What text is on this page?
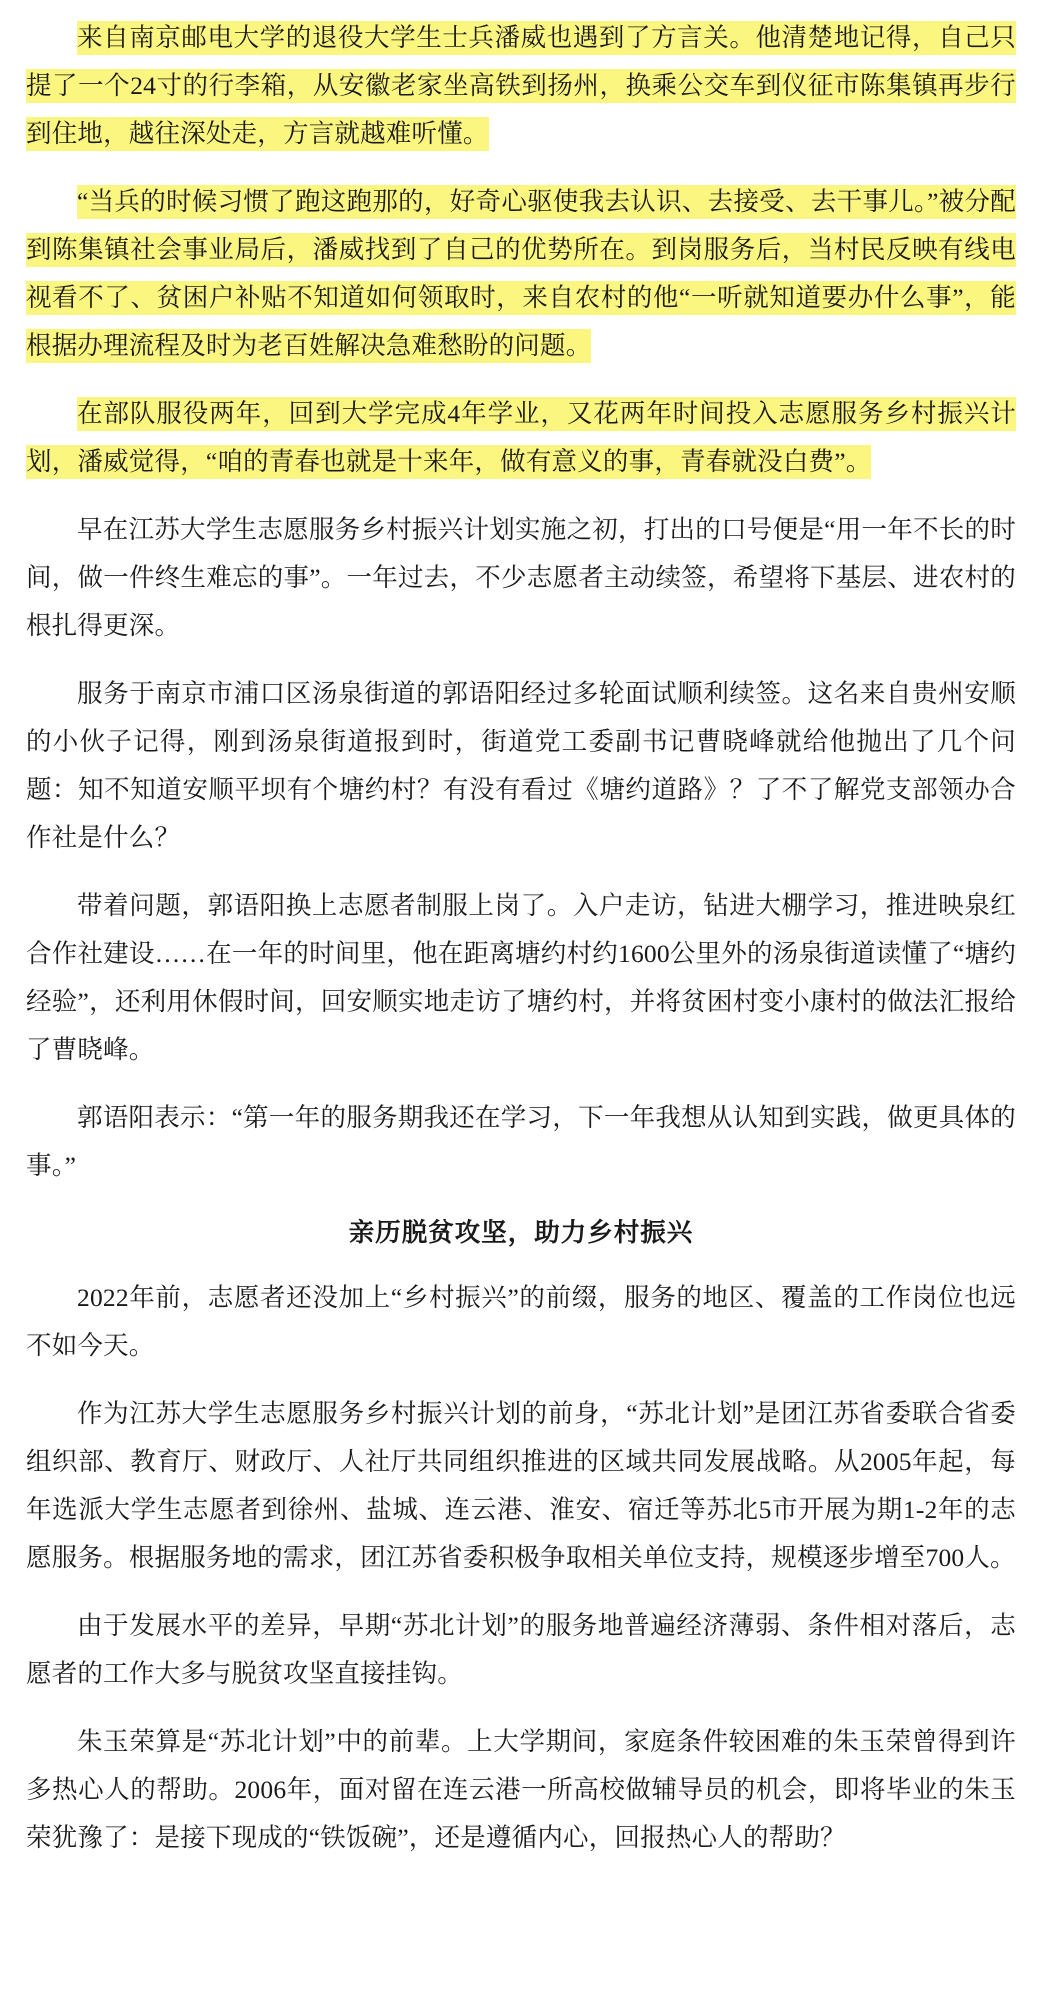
来自南京邮电大学的退役大学生士兵潘威也遇到了方言关。他清楚地记得，自己只提了一个24寸的行李箱，从安徽老家坐高铁到扬州，换乘公交车到仪征市陈集镇再步行到住地，越往深处走，方言就越难听懂。

“当兵的时候习惯了跑这跑那的，好奇心驱使我去认识、去接受、去干事儿。”被分配到陈集镇社会事业局后，潘威找到了自己的优势所在。到岗服务后，当村民反映有线电视看不了、贫困户补贴不知道如何领取时，来自农村的他“一听就知道要办什么事”，能根据办理流程及时为老百姓解决急难愁盼的问题。

在部队服役两年，回到大学完成4年学业，又花两年时间投入志愿服务乡村振兴计划，潘威觉得，“咱的青春也就是十来年，做有意义的事，青春就没白费”。

早在江苏大学生志愿服务乡村振兴计划实施之初，打出的口号便是“用一年不长的时间，做一件终生难忘的事”。一年过去，不少志愿者主动续签，希望将下基层、进农村的根扎得更深。

服务于南京市浦口区汤泉街道的郭语阳经过多轮面试顺利续签。这名来自贵州安顺的小伙子记得，刚到汤泉街道报到时，街道党工委副书记曹晓峰就给他抛出了几个问题：知不知道安顺平坝有个塘约村？有没有看过《塘约道路》？了不了解党支部领办合作社是什么？

带着问题，郭语阳换上志愿者制服上岗了。入户走访，钻进大棚学习，推进映泉红合作社建设……在一年的时间里，他在距离塘约村约1600公里外的汤泉街道读懂了“塘约经验”，还利用休假时间，回安顺实地走访了塘约村，并将贫困村变小康村的做法汇报给了曹晓峰。

郭语阳表示：“第一年的服务期我还在学习，下一年我想从认知到实践，做更具体的事。”

亲历脱贫攻坚，助力乡村振兴

2022年前，志愿者还没加上“乡村振兴”的前缀，服务的地区、覆盖的工作岗位也远不如今天。

作为江苏大学生志愿服务乡村振兴计划的前身，“苏北计划”是团江苏省委联合省委组织部、教育厅、财政厅、人社厅共同组织推进的区域共同发展战略。从2005年起，每年选派大学生志愿者到徐州、盐城、连云港、淮安、宿迁等苏北5市开展为期1-2年的志愿服务。根据服务地的需求，团江苏省委积极争取相关单位支持，规模逐步增至700人。

由于发展水平的差异，早期“苏北计划”的服务地普遍经济薄弱、条件相对落后，志愿者的工作大多与脱贫攻坚直接挂钩。

朱玉荣算是“苏北计划”中的前辈。上大学期间，家庭条件较困难的朱玉荣曾得到许多热心人的帮助。2006年，面对留在连云港一所高校做辅导员的机会，即将毕业的朱玉荣犹豫了：是接下现成的“铁饭碗”，还是遵循内心，回报热心人的帮助？
